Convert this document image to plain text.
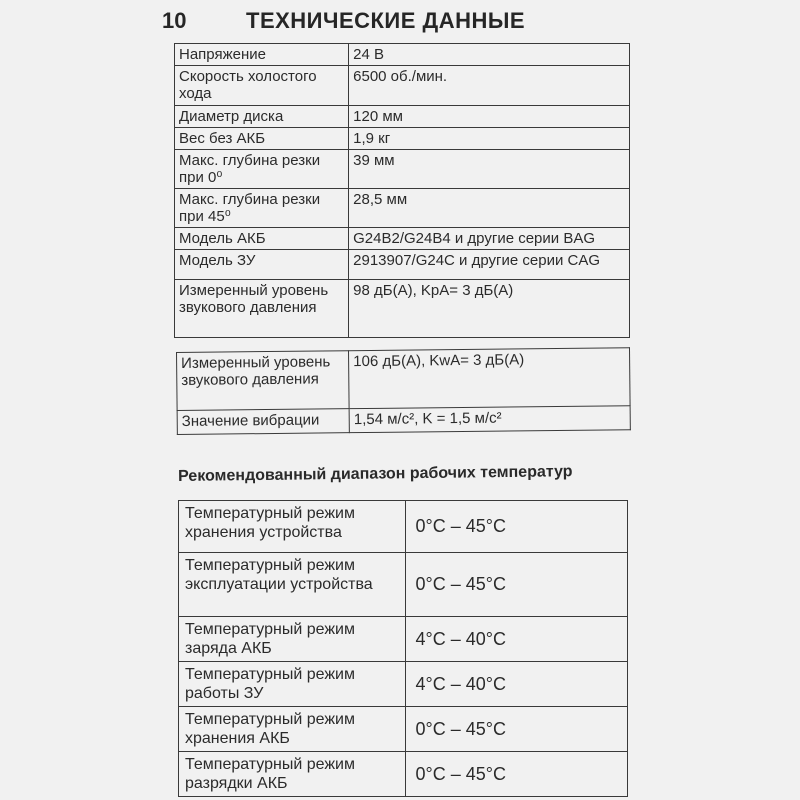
10	ТЕХНИЧЕСКИЕ ДАННЫЕ
Напряжение	24 В
Скорость холостого хода	6500 об./мин.
Диаметр диска	120 мм
Вес без АКБ	1,9 кг
Макс. глубина резки при 0⁰	39 мм
Макс. глубина резки при 45⁰	28,5 мм
Модель АКБ	G24B2/G24B4 и другие серии BAG
Модель ЗУ	2913907/G24C и другие серии CAG
Измеренный уровень звукового давления	98 дБ(А), KpA= 3 дБ(А)
Измеренный уровень звукового давления	106 дБ(А), KwA= 3 дБ(А)
Значение вибрации	1,54 м/с², K = 1,5 м/с²
Рекомендованный диапазон рабочих температур
Температурный режим хранения устройства	0°C – 45°C
Температурный режим эксплуатации устройства	0°C – 45°C
Температурный режим заряда АКБ	4°C – 40°C
Температурный режим работы ЗУ	4°C – 40°C
Температурный режим хранения АКБ	0°C – 45°C
Температурный режим разрядки АКБ	0°C – 45°C
